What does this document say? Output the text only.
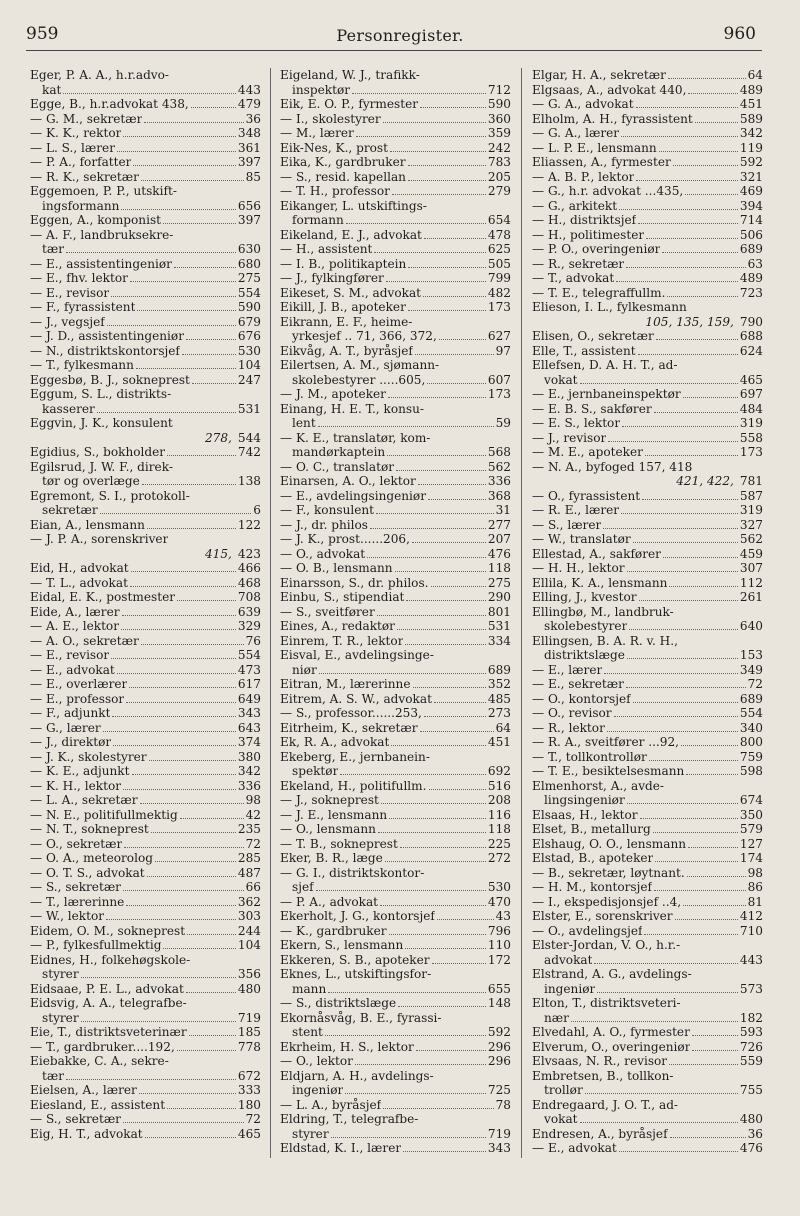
959	Personregister.	960
Eger, P. A. A., h.r.advo-
kat	443
Egge, B., h.r.advokat 438,	479
— G. M., sekretær	36
— K. K., rektor	348
— L. S., lærer	361
— P. A., forfatter	397
— R. K., sekretær	85
Eggemoen, P. P., utskift-
ingsformann	656
Eggen, A., komponist	397
— A. F., landbruksekre-
tær	630
— E., assistentingeniør	680
— E., fhv. lektor	275
— E., revisor	554
— F., fyrassistent	590
— J., vegsjef	679
— J. D., assistentingeniør	676
— N., distriktskontorsjef	530
— T., fylkesmann	104
Eggesbø, B. J., sokneprest	247
Eggum, S. L., distrikts-
kasserer	531
Eggvin, J. K., konsulent
278, 544
Egidius, S., bokholder	742
Egilsrud, J. W. F., direk-
tør og overlæge	138
Egremont, S. I., protokoll-
sekretær	6
Eian, A., lensmann	122
— J. P. A., sorenskriver
415, 423
Eid, H., advokat	466
— T. L., advokat	468
Eidal, E. K., postmester	708
Eide, A., lærer	639
— A. E., lektor	329
— A. O., sekretær	76
— E., revisor	554
— E., advokat	473
— E., overlærer	617
— E., professor	649
— F., adjunkt	343
— G., lærer	643
— J., direktør	374
— J. K., skolestyrer	380
— K. E., adjunkt	342
— K. H., lektor	336
— L. A., sekretær	98
— N. E., politifullmektig	42
— N. T., sokneprest	235
— O., sekretær	72
— O. A., meteorolog	285
— O. T. S., advokat	487
— S., sekretær	66
— T., lærerinne	362
— W., lektor	303
Eidem, O. M., sokneprest	244
— P., fylkesfullmektig	104
Eidnes, H., folkehøgskole-
styrer	356
Eidsaae, P. E. L., advokat	480
Eidsvig, A. A., telegrafbe-
styrer	719
Eie, T., distriktsveterinær	185
— T., gardbruker....192,	778
Eiebakke, C. A., sekre-
tær	672
Eielsen, A., lærer	333
Eiesland, E., assistent	180
— S., sekretær	72
Eig, H. T., advokat	465
Eigeland, W. J., trafikk-
inspektør	712
Eik, E. O. P., fyrmester	590
— I., skolestyrer	360
— M., lærer	359
Eik-Nes, K., prost	242
Eika, K., gardbruker	783
— S., resid. kapellan	205
— T. H., professor	279
Eikanger, L. utskiftings-
formann	654
Eikeland, E. J., advokat	478
— H., assistent	625
— I. B., politikaptein	505
— J., fylkingfører	799
Eikeset, S. M., advokat	482
Eikill, J. B., apoteker	173
Eikrann, E. F., heime-
yrkesjef .. 71, 366, 372,	627
Eikvåg, A. T., byråsjef	97
Eilertsen, A. M., sjømann-
skolebestyrer .....605,	607
— J. M., apoteker	173
Einang, H. E. T., konsu-
lent	59
— K. E., translatør, kom-
mandørkaptein	568
— O. C., translatør	562
Einarsen, A. O., lektor	336
— E., avdelingsingeniør	368
— F., konsulent	31
— J., dr. philos	277
— J. K., prost......206,	207
— O., advokat	476
— O. B., lensmann	118
Einarsson, S., dr. philos.	275
Einbu, S., stipendiat	290
— S., sveitfører	801
Eines, A., redaktør	531
Einrem, T. R., lektor	334
Eisval, E., avdelingsinge-
niør	689
Eitran, M., lærerinne	352
Eitrem, A. S. W., advokat	485
— S., professor......253,	273
Eitrheim, K., sekretær	64
Ek, R. A., advokat	451
Ekeberg, E., jernbanein-
spektør	692
Ekeland, H., politifullm.	516
— J., sokneprest	208
— J. E., lensmann	116
— O., lensmann	118
— T. B., sokneprest	225
Eker, B. R., læge	272
— G. I., distriktskontor-
sjef	530
— P. A., advokat	470
Ekerholt, J. G., kontorsjef	43
— K., gardbruker	796
Ekern, S., lensmann	110
Ekkeren, S. B., apoteker	172
Eknes, L., utskiftingsfor-
mann	655
— S., distriktslæge	148
Ekornåsvåg, B. E., fyrassi-
stent	592
Ekrheim, H. S., lektor	296
— O., lektor	296
Eldjarn, A. H., avdelings-
ingeniør	725
— L. A., byråsjef	78
Eldring, T., telegrafbe-
styrer	719
Eldstad, K. I., lærer	343
Elgar, H. A., sekretær	64
Elgsaas, A., advokat 440,	489
— G. A., advokat	451
Elholm, A. H., fyrassistent	589
— G. A., lærer	342
— L. P. E., lensmann	119
Eliassen, A., fyrmester	592
— A. B. P., lektor	321
— G., h.r. advokat ...435,	469
— G., arkitekt	394
— H., distriktsjef	714
— H., politimester	506
— P. O., overingeniør	689
— R., sekretær	63
— T., advokat	489
— T. E., telegraffullm.	723
Elieson, I. L., fylkesmann
105, 135, 159, 790
Elisen, O., sekretær	688
Elle, T., assistent	624
Ellefsen, D. A. H. T., ad-
vokat	465
— E., jernbaneinspektør	697
— E. B. S., sakfører	484
— E. S., lektor	319
— J., revisor	558
— M. E., apoteker	173
— N. A., byfoged 157, 418
421, 422, 781
— O., fyrassistent	587
— R. E., lærer	319
— S., lærer	327
— W., translatør	562
Ellestad, A., sakfører	459
— H. H., lektor	307
Ellila, K. A., lensmann	112
Elling, J., kvestor	261
Ellingbø, M., landbruk-
skolebestyrer	640
Ellingsen, B. A. R. v. H.,
distriktslæge	153
— E., lærer	349
— E., sekretær	72
— O., kontorsjef	689
— O., revisor	554
— R., lektor	340
— R. A., sveitfører ...92,	800
— T., tollkontrollør	759
— T. E., besiktelsesmann	598
Elmenhorst, A., avde-
lingsingeniør	674
Elsaas, H., lektor	350
Elset, B., metallurg	579
Elshaug, O. O., lensmann	127
Elstad, B., apoteker	174
— B., sekretær, løytnant.	98
— H. M., kontorsjef	86
— I., ekspedisjonsjef ..4,	81
Elster, E., sorenskriver	412
— O., avdelingsjef	710
Elster-Jordan, V. O., h.r.-
advokat	443
Elstrand, A. G., avdelings-
ingeniør	573
Elton, T., distriktsveteri-
nær	182
Elvedahl, A. O., fyrmester	593
Elverum, O., overingeniør	726
Elvsaas, N. R., revisor	559
Embretsen, B., tollkon-
trollør	755
Endregaard, J. O. T., ad-
vokat	480
Endresen, A., byråsjef	36
— E., advokat	476
